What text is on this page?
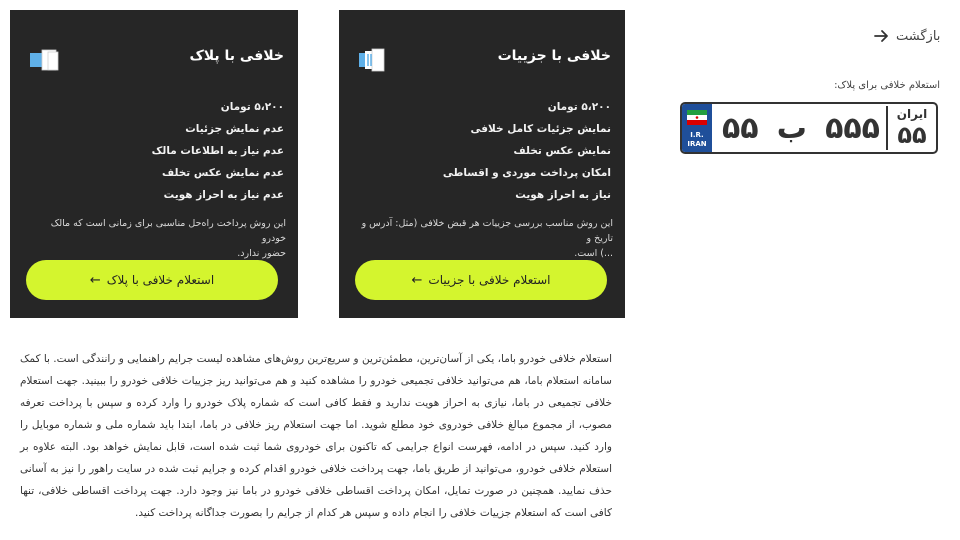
بازگشت
استعلام خلافی برای پلاک:
I.R.
IRAN ۵۵ ب ۵۵۵	ایران
۵۵
خلافی با جزییات
۵،۲۰۰ تومان
نمایش جزئیات کامل خلافی
نمایش عکس تخلف
امکان پرداخت موردی و اقساطی
نیاز به احراز هویت
این روش مناسب بررسی جزییات هر قبض خلافی (مثل: آدرس و تاریخ و
...) است.
استعلام خلافی با جزییات
←
خلافی با پلاک
۵،۲۰۰ تومان
عدم نمایش جزئیات
عدم نیاز به اطلاعات مالک
عدم نمایش عکس تخلف
عدم نیاز به احراز هویت
این روش پرداخت راه‌حل مناسبی برای زمانی است که مالک خودرو
حضور ندارد.
استعلام خلافی با پلاک
←
استعلام خلافی خودرو باما، یکی از آسان‌ترین، مطمئن‌ترین و سریع‌ترین روش‌های مشاهده لیست جرایم راهنمایی و رانندگی است. با کمک سامانه استعلام باما، هم می‌توانید خلافی تجمیعی خودرو را مشاهده کنید و هم می‌توانید ریز جزییات خلافی خودرو را ببینید. جهت استعلام خلافی تجمیعی در باما، نیازی به احراز هویت ندارید و فقط کافی است که شماره پلاک خودرو را وارد کرده و سپس با پرداخت تعرفه مصوب، از مجموع مبالغ خلافی خودروی خود مطلع شوید. اما جهت استعلام ریز خلافی در باما، ابتدا باید شماره ملی و شماره موبایل را وارد کنید. سپس در ادامه، فهرست انواع جرایمی که تاکنون برای خودروی شما ثبت شده است، قابل نمایش خواهد بود. البته علاوه بر استعلام خلافی خودرو، می‌توانید از طریق باما، جهت پرداخت خلافی خودرو اقدام کرده و جرایم ثبت شده در سایت راهور را نیز به آسانی حذف نمایید. همچنین در صورت تمایل، امکان پرداخت اقساطی خلافی خودرو در باما نیز وجود دارد. جهت پرداخت اقساطی خلافی، تنها کافی است که استعلام جزییات خلافی را انجام داده و سپس هر کدام از جرایم را بصورت جداگانه پرداخت کنید.
